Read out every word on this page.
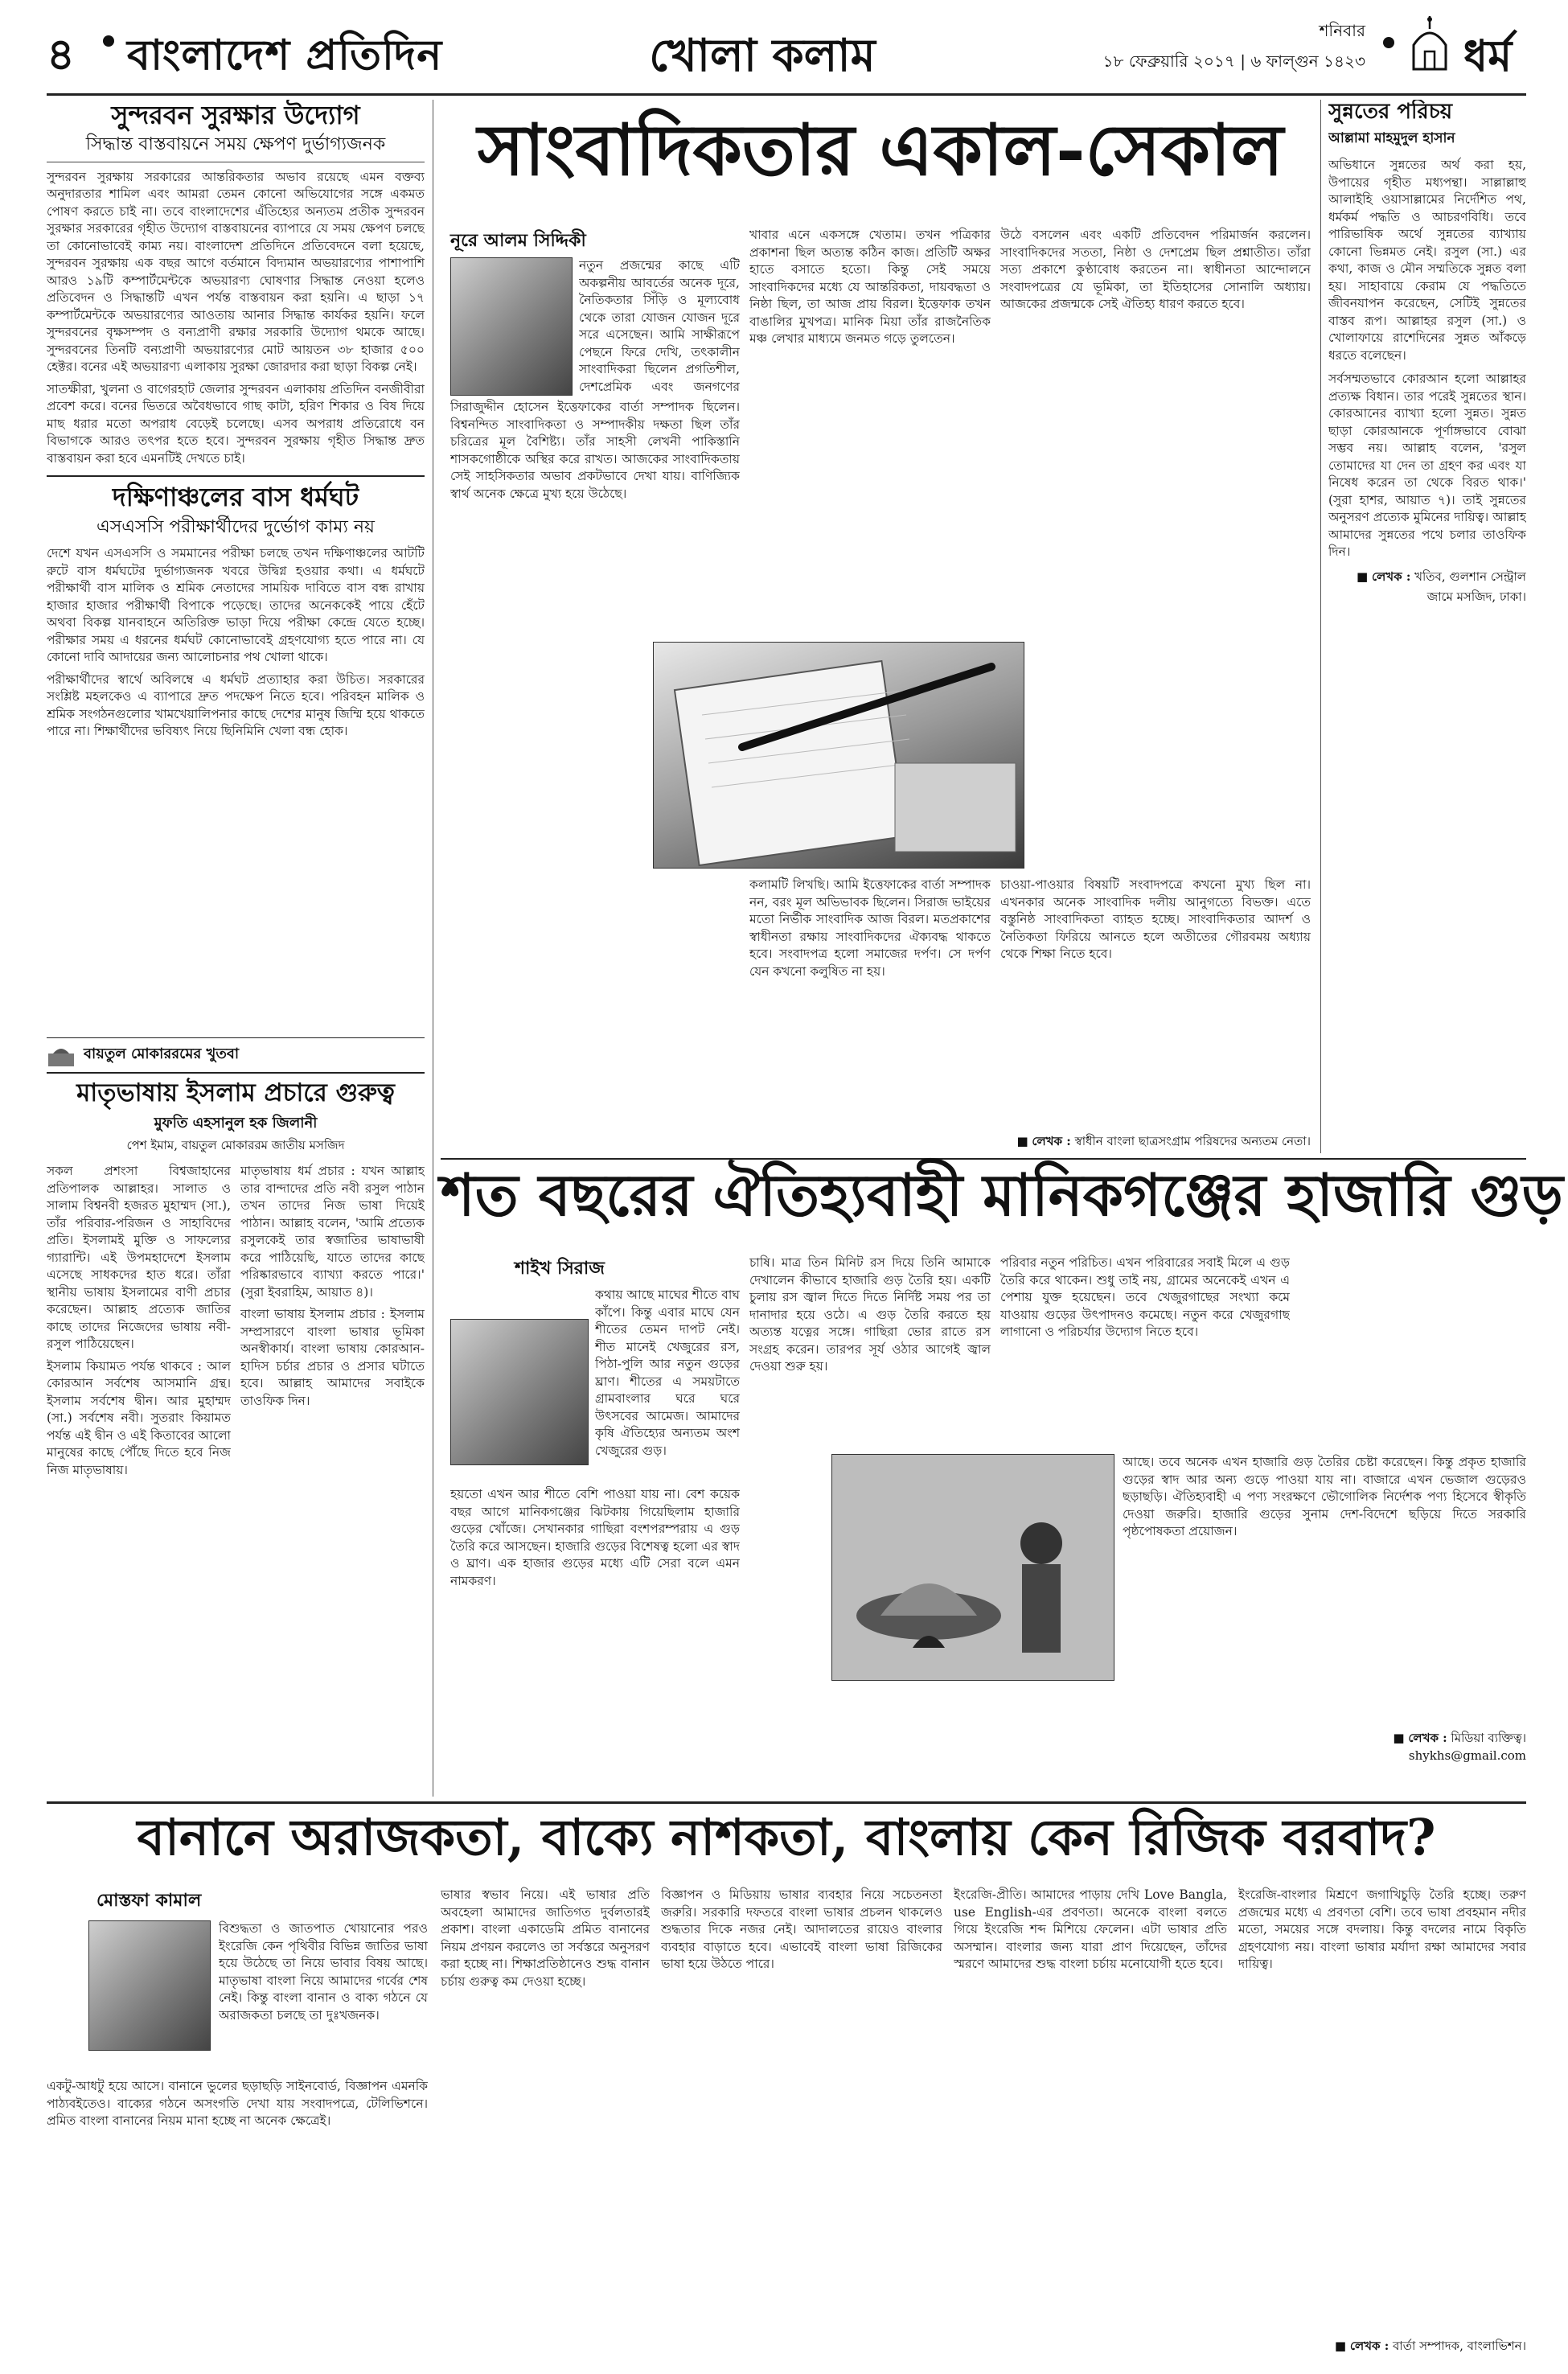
৪ বাংলাদেশ প্রতিদিন	খোলা কলাম	শনিবার
১৮ ফেব্রুয়ারি ২০১৭ | ৬ ফাল্গুন ১৪২৩ ধর্ম
সুন্দরবন সুরক্ষার উদ্যোগ
সিদ্ধান্ত বাস্তবায়নে সময় ক্ষেপণ দুর্ভাগ্যজনক
সুন্দরবন সুরক্ষায় সরকারের আন্তরিকতার অভাব রয়েছে এমন বক্তব্য অনুদারতার শামিল এবং আমরা তেমন কোনো অভিযোগের সঙ্গে একমত পোষণ করতে চাই না। তবে বাংলাদেশের এঁতিহ্যের অন্যতম প্রতীক সুন্দরবন সুরক্ষার সরকারের গৃহীত উদ্যোগ বাস্তবায়নের ব্যাপারে যে সময় ক্ষেপণ চলছে তা কোনোভাবেই কাম্য নয়। বাংলাদেশ প্রতিদিনে প্রতিবেদনে বলা হয়েছে, সুন্দরবন সুরক্ষায় এক বছর আগে বর্তমানে বিদ্যমান অভয়ারণ্যের পাশাপাশি আরও ১৯টি কম্পার্টমেন্টকে অভয়ারণ্য ঘোষণার সিদ্ধান্ত নেওয়া হলেও প্রতিবেদন ও সিদ্ধান্তটি এখন পর্যন্ত বাস্তবায়ন করা হয়নি। এ ছাড়া ১৭ কম্পার্টমেন্টকে অভয়ারণ্যের আওতায় আনার সিদ্ধান্ত কার্যকর হয়নি। ফলে সুন্দরবনের বৃক্ষসম্পদ ও বন্যপ্রাণী রক্ষার সরকারি উদ্যোগ থমকে আছে। সুন্দরবনের তিনটি বন্যপ্রাণী অভয়ারণ্যের মোট আয়তন ৩৮ হাজার ৫০০ হেক্টর। বনের এই অভয়ারণ্য এলাকায় সুরক্ষা জোরদার করা ছাড়া বিকল্প নেই।
সাতক্ষীরা, খুলনা ও বাগেরহাট জেলার সুন্দরবন এলাকায় প্রতিদিন বনজীবীরা প্রবেশ করে। বনের ভিতরে অবৈধভাবে গাছ কাটা, হরিণ শিকার ও বিষ দিয়ে মাছ ধরার মতো অপরাধ বেড়েই চলেছে। এসব অপরাধ প্রতিরোধে বন বিভাগকে আরও তৎপর হতে হবে। সুন্দরবন সুরক্ষায় গৃহীত সিদ্ধান্ত দ্রুত বাস্তবায়ন করা হবে এমনটিই দেখতে চাই।
দক্ষিণাঞ্চলের বাস ধর্মঘট
এসএসসি পরীক্ষার্থীদের দুর্ভোগ কাম্য নয়
দেশে যখন এসএসসি ও সমমানের পরীক্ষা চলছে তখন দক্ষিণাঞ্চলের আটটি রুটে বাস ধর্মঘটের দুর্ভাগ্যজনক খবরে উদ্বিগ্ন হওয়ার কথা। এ ধর্মঘটে পরীক্ষার্থী বাস মালিক ও শ্রমিক নেতাদের সাময়িক দাবিতে বাস বন্ধ রাখায় হাজার হাজার পরীক্ষার্থী বিপাকে পড়েছে। তাদের অনেককেই পায়ে হেঁটে অথবা বিকল্প যানবাহনে অতিরিক্ত ভাড়া দিয়ে পরীক্ষা কেন্দ্রে যেতে হচ্ছে। পরীক্ষার সময় এ ধরনের ধর্মঘট কোনোভাবেই গ্রহণযোগ্য হতে পারে না। যে কোনো দাবি আদায়ের জন্য আলোচনার পথ খোলা থাকে।
পরীক্ষার্থীদের স্বার্থে অবিলম্বে এ ধর্মঘট প্রত্যাহার করা উচিত। সরকারের সংশ্লিষ্ট মহলকেও এ ব্যাপারে দ্রুত পদক্ষেপ নিতে হবে। পরিবহন মালিক ও শ্রমিক সংগঠনগুলোর খামখেয়ালিপনার কাছে দেশের মানুষ জিম্মি হয়ে থাকতে পারে না। শিক্ষার্থীদের ভবিষ্যৎ নিয়ে ছিনিমিনি খেলা বন্ধ হোক।
বায়তুল মোকাররমের খুতবা
মাতৃভাষায় ইসলাম প্রচারে গুরুত্ব
মুফতি এহসানুল হক জিলানী
পেশ ইমাম, বায়তুল মোকাররম জাতীয় মসজিদ
সকল প্রশংসা বিশ্বজাহানের প্রতিপালক আল্লাহর। সালাত ও সালাম বিশ্বনবী হজরত মুহাম্মদ (সা.), তাঁর পরিবার-পরিজন ও সাহাবিদের প্রতি। ইসলামই মুক্তি ও সাফল্যের গ্যারান্টি। এই উপমহাদেশে ইসলাম এসেছে সাধকদের হাত ধরে। তাঁরা স্থানীয় ভাষায় ইসলামের বাণী প্রচার করেছেন। আল্লাহ প্রত্যেক জাতির কাছে তাদের নিজেদের ভাষায় নবী-রসুল পাঠিয়েছেন।
ইসলাম কিয়ামত পর্যন্ত থাকবে : আল কোরআন সর্বশেষ আসমানি গ্রন্থ। ইসলাম সর্বশেষ দ্বীন। আর মুহাম্মদ (সা.) সর্বশেষ নবী। সুতরাং কিয়ামত পর্যন্ত এই দ্বীন ও এই কিতাবের আলো মানুষের কাছে পৌঁছে দিতে হবে নিজ নিজ মাতৃভাষায়।
মাতৃভাষায় ধর্ম প্রচার : যখন আল্লাহ তার বান্দাদের প্রতি নবী রসুল পাঠান তখন তাদের নিজ ভাষা দিয়েই পাঠান। আল্লাহ বলেন, 'আমি প্রত্যেক রসুলকেই তার স্বজাতির ভাষাভাষী করে পাঠিয়েছি, যাতে তাদের কাছে পরিষ্কারভাবে ব্যাখ্যা করতে পারে।' (সুরা ইবরাহিম, আয়াত ৪)।
বাংলা ভাষায় ইসলাম প্রচার : ইসলাম সম্প্রসারণে বাংলা ভাষার ভূমিকা অনস্বীকার্য। বাংলা ভাষায় কোরআন-হাদিস চর্চার প্রচার ও প্রসার ঘটাতে হবে। আল্লাহ আমাদের সবাইকে তাওফিক দিন।
সাংবাদিকতার একাল-সেকাল
নূরে আলম সিদ্দিকী
নতুন প্রজন্মের কাছে এটি অকল্পনীয় আবর্তের অনেক দূরে, নৈতিকতার সিঁড়ি ও মূল্যবোধ থেকে তারা যোজন যোজন দূরে সরে এসেছেন। আমি সাক্ষীরূপে পেছনে ফিরে দেখি, তৎকালীন সাংবাদিকরা ছিলেন প্রগতিশীল, দেশপ্রেমিক এবং জনগণের
সিরাজুদ্দীন হোসেন ইত্তেফাকের বার্তা সম্পাদক ছিলেন। বিশ্বনন্দিত সাংবাদিকতা ও সম্পাদকীয় দক্ষতা ছিল তাঁর চরিত্রের মূল বৈশিষ্ট্য। তাঁর সাহসী লেখনী পাকিস্তানি শাসকগোষ্ঠীকে অস্থির করে রাখত। আজকের সাংবাদিকতায় সেই সাহসিকতার অভাব প্রকটভাবে দেখা যায়। বাণিজ্যিক স্বার্থ অনেক ক্ষেত্রে মুখ্য হয়ে উঠেছে।
খাবার এনে একসঙ্গে খেতাম। তখন পত্রিকার প্রকাশনা ছিল অত্যন্ত কঠিন কাজ। প্রতিটি অক্ষর হাতে বসাতে হতো। কিন্তু সেই সময়ে সাংবাদিকদের মধ্যে যে আন্তরিকতা, দায়বদ্ধতা ও নিষ্ঠা ছিল, তা আজ প্রায় বিরল। ইত্তেফাক তখন বাঙালির মুখপত্র। মানিক মিয়া তাঁর রাজনৈতিক মঞ্চ লেখার মাধ্যমে জনমত গড়ে তুলতেন।
উঠে বসলেন এবং একটি প্রতিবেদন পরিমার্জন করলেন। সাংবাদিকদের সততা, নিষ্ঠা ও দেশপ্রেম ছিল প্রশ্নাতীত। তাঁরা সত্য প্রকাশে কুণ্ঠাবোধ করতেন না। স্বাধীনতা আন্দোলনে সংবাদপত্রের যে ভূমিকা, তা ইতিহাসের সোনালি অধ্যায়। আজকের প্রজন্মকে সেই ঐতিহ্য ধারণ করতে হবে।
কলামটি লিখছি। আমি ইত্তেফাকের বার্তা সম্পাদক নন, বরং মূল অভিভাবক ছিলেন। সিরাজ ভাইয়ের মতো নির্ভীক সাংবাদিক আজ বিরল। মতপ্রকাশের স্বাধীনতা রক্ষায় সাংবাদিকদের ঐক্যবদ্ধ থাকতে হবে। সংবাদপত্র হলো সমাজের দর্পণ। সে দর্পণ যেন কখনো কলুষিত না হয়।
চাওয়া-পাওয়ার বিষয়টি সংবাদপত্রে কখনো মুখ্য ছিল না। এখনকার অনেক সাংবাদিক দলীয় আনুগত্যে বিভক্ত। এতে বস্তুনিষ্ঠ সাংবাদিকতা ব্যাহত হচ্ছে। সাংবাদিকতার আদর্শ ও নৈতিকতা ফিরিয়ে আনতে হলে অতীতের গৌরবময় অধ্যায় থেকে শিক্ষা নিতে হবে।
■ লেখক : স্বাধীন বাংলা ছাত্রসংগ্রাম পরিষদের অন্যতম নেতা।
সুন্নতের পরিচয়
আল্লামা মাহমুদুল হাসান
অভিধানে সুন্নতের অর্থ করা হয়, উপায়ের গৃহীত মধ্যপন্থা। সাল্লাল্লাহু আলাইহি ওয়াসাল্লামের নির্দেশিত পথ, ধর্মকর্ম পদ্ধতি ও আচরণবিধি। তবে পারিভাষিক অর্থে সুন্নতের ব্যাখ্যায় কোনো ভিন্নমত নেই। রসুল (সা.) এর কথা, কাজ ও মৌন সম্মতিকে সুন্নত বলা হয়। সাহাবায়ে কেরাম যে পদ্ধতিতে জীবনযাপন করেছেন, সেটিই সুন্নতের বাস্তব রূপ। আল্লাহর রসুল (সা.) ও খোলাফায়ে রাশেদিনের সুন্নত আঁকড়ে ধরতে বলেছেন।
সর্বসম্মতভাবে কোরআন হলো আল্লাহর প্রত্যক্ষ বিধান। তার পরেই সুন্নতের স্থান। কোরআনের ব্যাখ্যা হলো সুন্নত। সুন্নত ছাড়া কোরআনকে পূর্ণাঙ্গভাবে বোঝা সম্ভব নয়। আল্লাহ বলেন, 'রসুল তোমাদের যা দেন তা গ্রহণ কর এবং যা নিষেধ করেন তা থেকে বিরত থাক।' (সুরা হাশর, আয়াত ৭)। তাই সুন্নতের অনুসরণ প্রত্যেক মুমিনের দায়িত্ব। আল্লাহ আমাদের সুন্নতের পথে চলার তাওফিক দিন।
■ লেখক : খতিব, গুলশান সেন্ট্রাল জামে মসজিদ, ঢাকা।
শত বছরের ঐতিহ্যবাহী মানিকগঞ্জের হাজারি গুড়
শাইখ সিরাজ
কথায় আছে মাঘের শীতে বাঘ কাঁপে। কিন্তু এবার মাঘে যেন শীতের তেমন দাপট নেই। শীত মানেই খেজুরের রস, পিঠা-পুলি আর নতুন গুড়ের ঘ্রাণ। শীতের এ সময়টাতে গ্রামবাংলার ঘরে ঘরে উৎসবের আমেজ। আমাদের কৃষি ঐতিহ্যের অন্যতম অংশ খেজুরের গুড়।
হয়তো এখন আর শীতে বেশি পাওয়া যায় না। বেশ কয়েক বছর আগে মানিকগঞ্জের ঝিটকায় গিয়েছিলাম হাজারি গুড়ের খোঁজে। সেখানকার গাছিরা বংশপরম্পরায় এ গুড় তৈরি করে আসছেন। হাজারি গুড়ের বিশেষত্ব হলো এর স্বাদ ও ঘ্রাণ। এক হাজার গুড়ের মধ্যে এটি সেরা বলে এমন নামকরণ।
চাষি। মাত্র তিন মিনিট রস দিয়ে তিনি আমাকে দেখালেন কীভাবে হাজারি গুড় তৈরি হয়। একটি চুলায় রস জ্বাল দিতে দিতে নির্দিষ্ট সময় পর তা দানাদার হয়ে ওঠে। এ গুড় তৈরি করতে হয় অত্যন্ত যত্নের সঙ্গে। গাছিরা ভোর রাতে রস সংগ্রহ করেন। তারপর সূর্য ওঠার আগেই জ্বাল দেওয়া শুরু হয়।
পরিবার নতুন পরিচিত। এখন পরিবারের সবাই মিলে এ গুড় তৈরি করে থাকেন। শুধু তাই নয়, গ্রামের অনেকেই এখন এ পেশায় যুক্ত হয়েছেন। তবে খেজুরগাছের সংখ্যা কমে যাওয়ায় গুড়ের উৎপাদনও কমেছে। নতুন করে খেজুরগাছ লাগানো ও পরিচর্যার উদ্যোগ নিতে হবে।
আছে। তবে অনেক এখন হাজারি গুড় তৈরির চেষ্টা করেছেন। কিন্তু প্রকৃত হাজারি গুড়ের স্বাদ আর অন্য গুড়ে পাওয়া যায় না। বাজারে এখন ভেজাল গুড়েরও ছড়াছড়ি। ঐতিহ্যবাহী এ পণ্য সংরক্ষণে ভৌগোলিক নির্দেশক পণ্য হিসেবে স্বীকৃতি দেওয়া জরুরি। হাজারি গুড়ের সুনাম দেশ-বিদেশে ছড়িয়ে দিতে সরকারি পৃষ্ঠপোষকতা প্রয়োজন।
■ লেখক : মিডিয়া ব্যক্তিত্ব।
shykhs@gmail.com
বানানে অরাজকতা, বাক্যে নাশকতা, বাংলায় কেন রিজিক বরবাদ?
মোস্তফা কামাল
বিশুদ্ধতা ও জাতপাত খোয়ানোর পরও ইংরেজি কেন পৃথিবীর বিভিন্ন জাতির ভাষা হয়ে উঠেছে তা নিয়ে ভাবার বিষয় আছে। মাতৃভাষা বাংলা নিয়ে আমাদের গর্বের শেষ নেই। কিন্তু বাংলা বানান ও বাক্য গঠনে যে অরাজকতা চলছে তা দুঃখজনক।
একটু-আধটু হয়ে আসে। বানানে ভুলের ছড়াছড়ি সাইনবোর্ড, বিজ্ঞাপন এমনকি পাঠ্যবইতেও। বাক্যের গঠনে অসংগতি দেখা যায় সংবাদপত্রে, টেলিভিশনে। প্রমিত বাংলা বানানের নিয়ম মানা হচ্ছে না অনেক ক্ষেত্রেই।
ভাষার স্বভাব নিয়ে। এই ভাষার প্রতি অবহেলা আমাদের জাতিগত দুর্বলতারই প্রকাশ। বাংলা একাডেমি প্রমিত বানানের নিয়ম প্রণয়ন করলেও তা সর্বস্তরে অনুসরণ করা হচ্ছে না। শিক্ষাপ্রতিষ্ঠানেও শুদ্ধ বানান চর্চায় গুরুত্ব কম দেওয়া হচ্ছে।
বিজ্ঞাপন ও মিডিয়ায় ভাষার ব্যবহার নিয়ে সচেতনতা জরুরি। সরকারি দফতরে বাংলা ভাষার প্রচলন থাকলেও শুদ্ধতার দিকে নজর নেই। আদালতের রায়েও বাংলার ব্যবহার বাড়াতে হবে। এভাবেই বাংলা ভাষা রিজিকের ভাষা হয়ে উঠতে পারে।
ইংরেজি-প্রীতি। আমাদের পাড়ায় দেখি Love Bangla, use English-এর প্রবণতা। অনেকে বাংলা বলতে গিয়ে ইংরেজি শব্দ মিশিয়ে ফেলেন। এটা ভাষার প্রতি অসম্মান। বাংলার জন্য যারা প্রাণ দিয়েছেন, তাঁদের স্মরণে আমাদের শুদ্ধ বাংলা চর্চায় মনোযোগী হতে হবে।
ইংরেজি-বাংলার মিশ্রণে জগাখিচুড়ি তৈরি হচ্ছে। তরুণ প্রজন্মের মধ্যে এ প্রবণতা বেশি। তবে ভাষা প্রবহমান নদীর মতো, সময়ের সঙ্গে বদলায়। কিন্তু বদলের নামে বিকৃতি গ্রহণযোগ্য নয়। বাংলা ভাষার মর্যাদা রক্ষা আমাদের সবার দায়িত্ব।
■ লেখক : বার্তা সম্পাদক, বাংলাভিশন।
